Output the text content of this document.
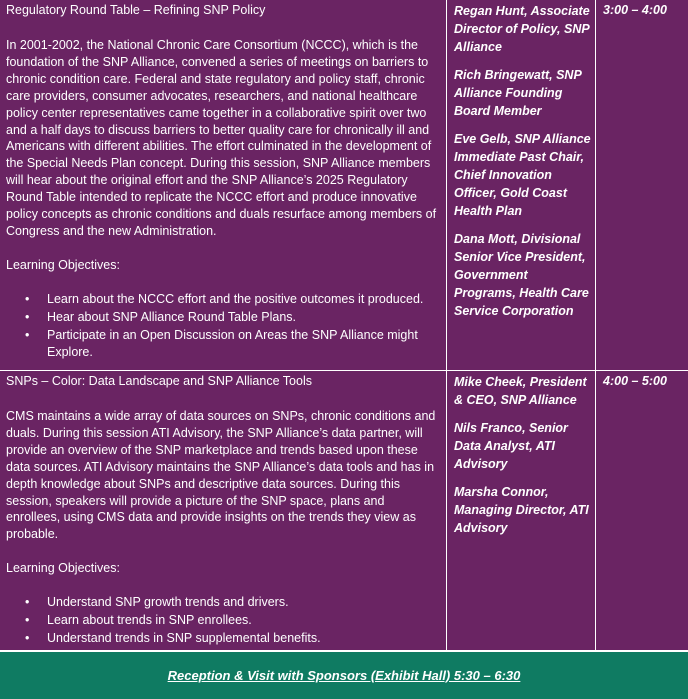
Regulatory Round Table – Refining SNP Policy
In 2001-2002, the National Chronic Care Consortium (NCCC), which is the foundation of the SNP Alliance, convened a series of meetings on barriers to chronic condition care. Federal and state regulatory and policy staff, chronic care providers, consumer advocates, researchers, and national healthcare policy center representatives came together in a collaborative spirit over two and a half days to discuss barriers to better quality care for chronically ill and Americans with different abilities. The effort culminated in the development of the Special Needs Plan concept. During this session, SNP Alliance members will hear about the original effort and the SNP Alliance’s 2025 Regulatory Round Table intended to replicate the NCCC effort and produce innovative policy concepts as chronic conditions and duals resurface among members of Congress and the new Administration.
Learning Objectives:
• Learn about the NCCC effort and the positive outcomes it produced.
• Hear about SNP Alliance Round Table Plans.
• Participate in an Open Discussion on Areas the SNP Alliance might Explore.
Regan Hunt, Associate Director of Policy, SNP Alliance
Rich Bringewatt, SNP Alliance Founding Board Member
Eve Gelb, SNP Alliance Immediate Past Chair, Chief Innovation Officer, Gold Coast Health Plan
Dana Mott, Divisional Senior Vice President, Government Programs, Health Care Service Corporation
3:00 – 4:00
SNPs – Color: Data Landscape and SNP Alliance Tools
CMS maintains a wide array of data sources on SNPs, chronic conditions and duals. During this session ATI Advisory, the SNP Alliance’s data partner, will provide an overview of the SNP marketplace and trends based upon these data sources. ATI Advisory maintains the SNP Alliance’s data tools and has in depth knowledge about SNPs and descriptive data sources. During this session, speakers will provide a picture of the SNP space, plans and enrollees, using CMS data and provide insights on the trends they view as probable.
Learning Objectives:
• Understand SNP growth trends and drivers.
• Learn about trends in SNP enrollees.
• Understand trends in SNP supplemental benefits.
Mike Cheek, President & CEO, SNP Alliance
Nils Franco, Senior Data Analyst, ATI Advisory
Marsha Connor, Managing Director, ATI Advisory
4:00 – 5:00
Reception & Visit with Sponsors (Exhibit Hall) 5:30 – 6:30
